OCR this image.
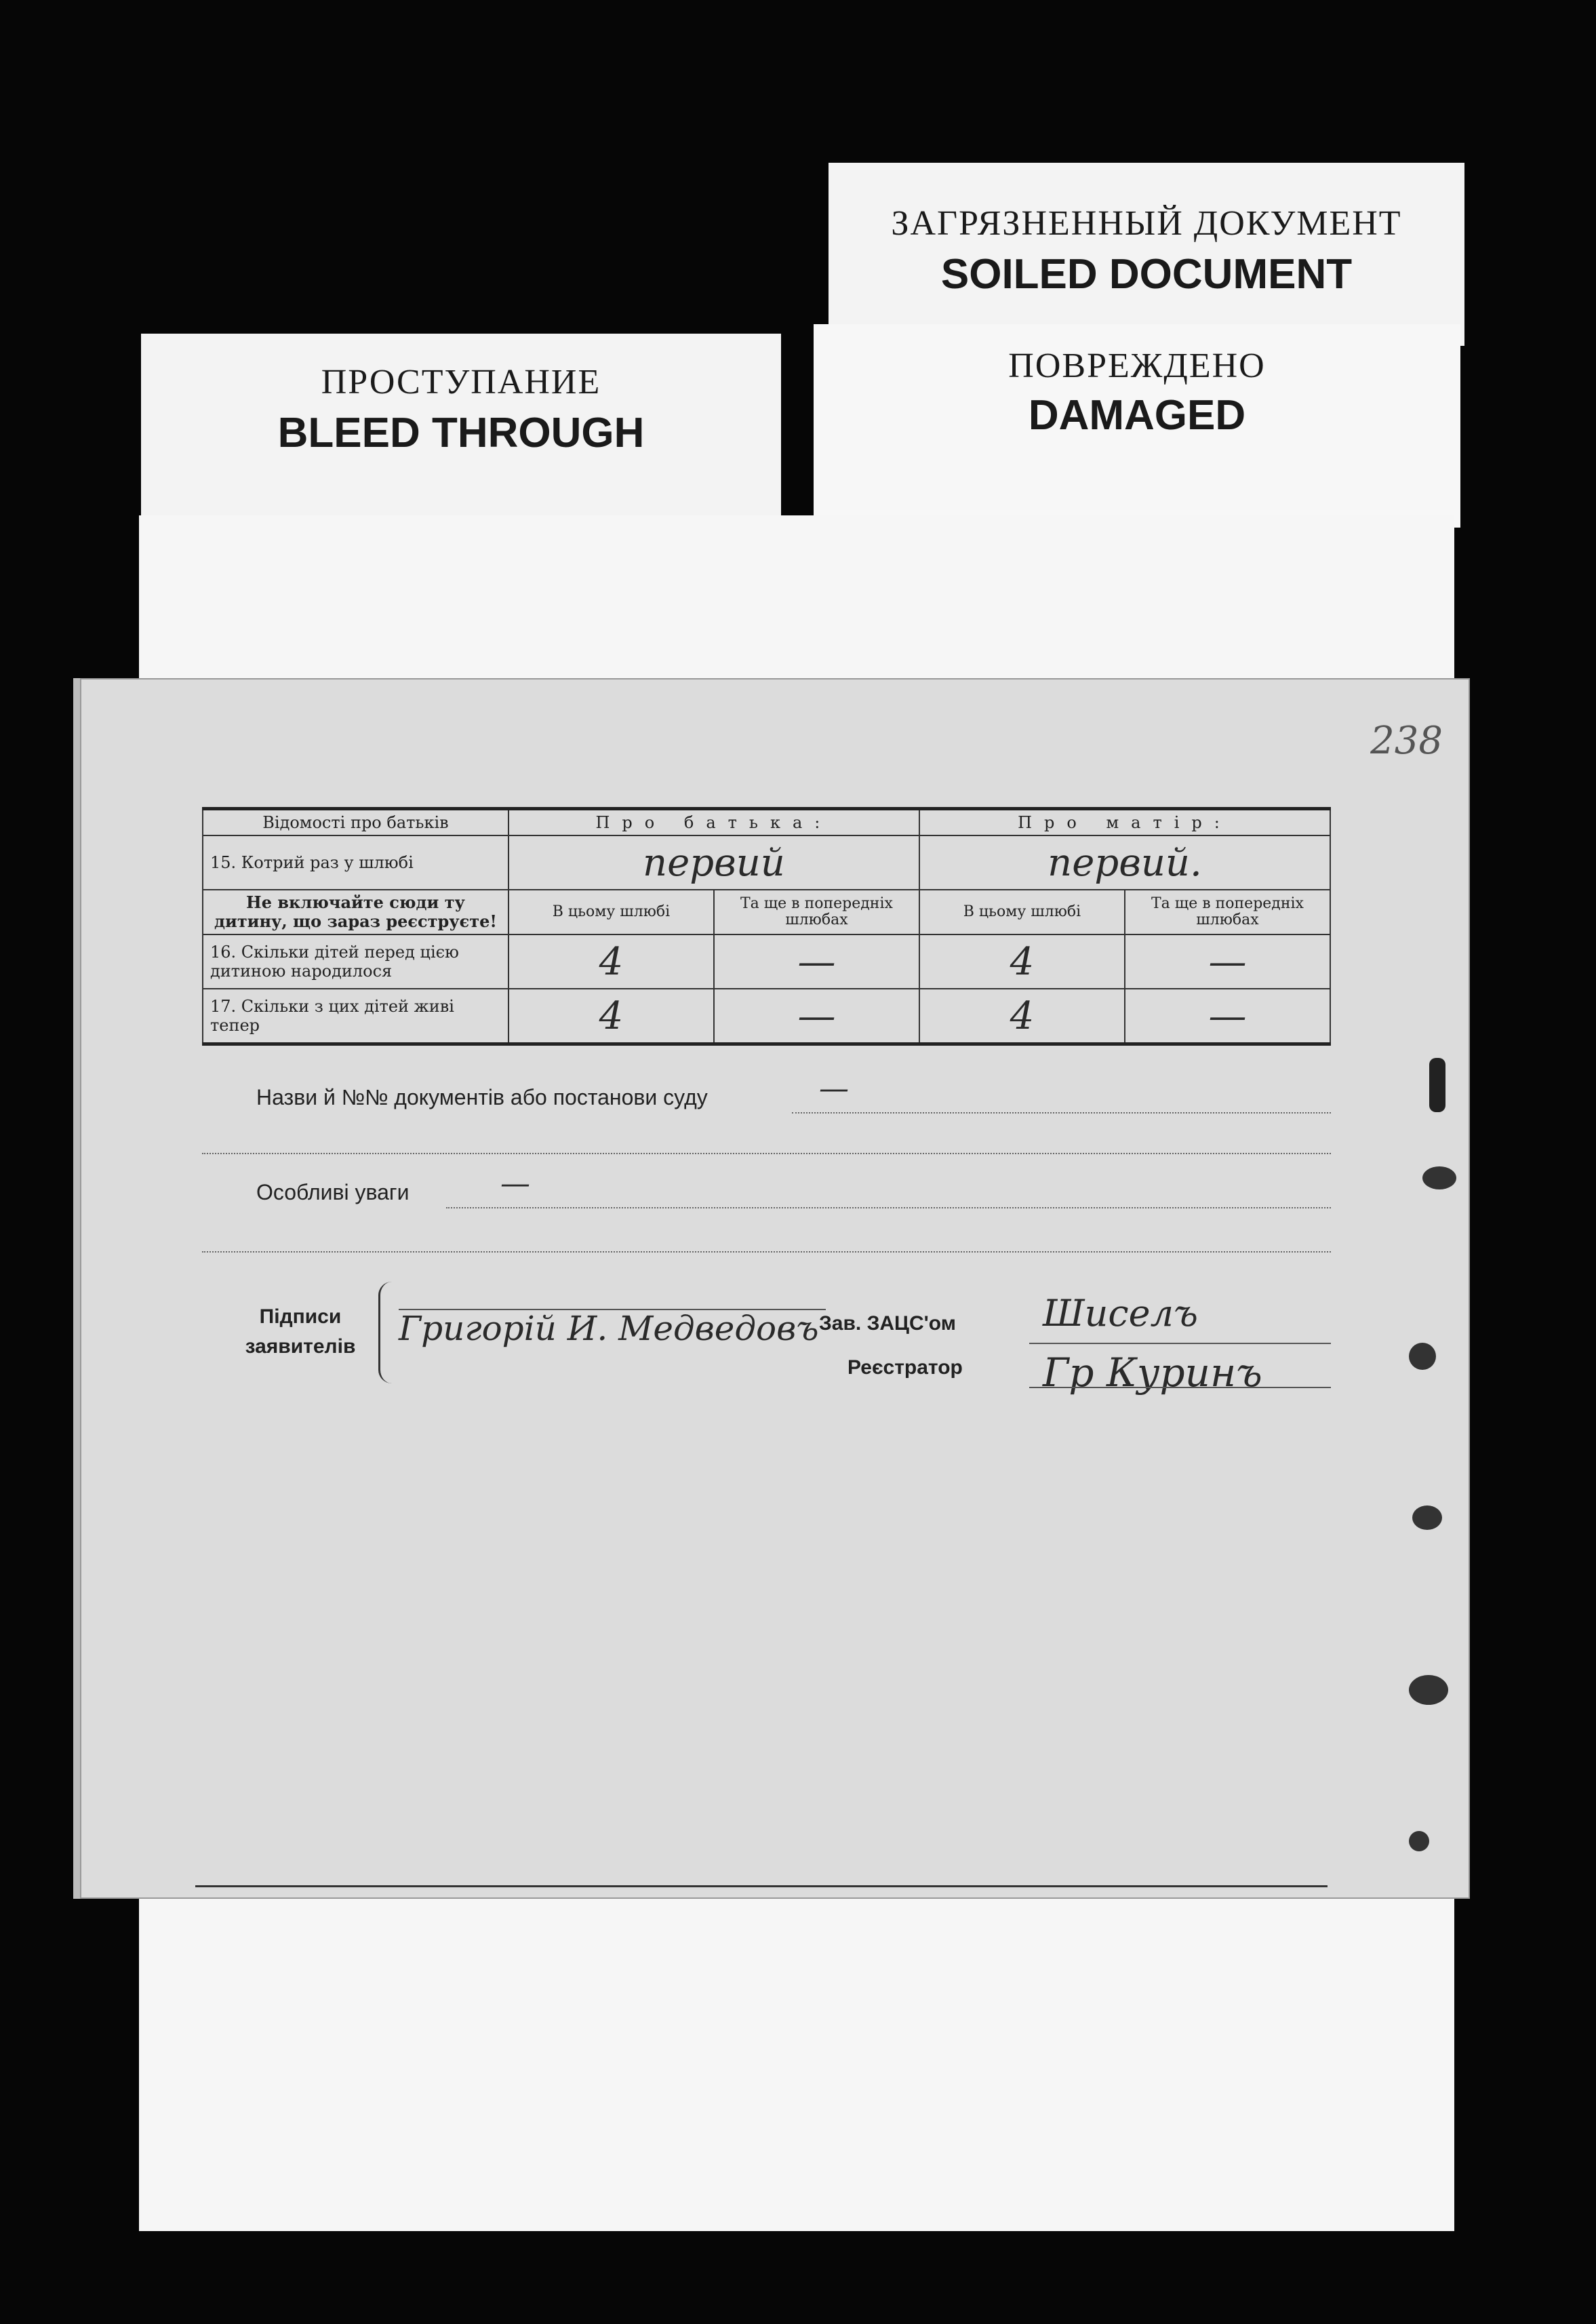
ЗАГРЯЗНЕННЫЙ ДОКУМЕНТ
SOILED DOCUMENT
ПОВРЕЖДЕНО
DAMAGED
ПРОСТУПАНИЕ
BLEED THROUGH
238
Відомості про батьків	Про батька:		Про матір:	
15. Котрий раз у шлюбі	первий		первий.	
Не включайте сюди ту дитину, що зараз реєструєте!	В цьому шлюбі	Та ще в попередніх шлюбах	В цьому шлюбі	Та ще в попередніх шлюбах
16. Скільки дітей перед цією дитиною народилося	4	—	4	—
17. Скільки з цих дітей живі тепер	4	—	4	—
Назви й №№ документів або постанови суду	—
Особливі уваги	—
Підписи заявителів Григорій И. Медведовъ Зав. ЗАЦС'ом Шиселъ
Реєстратор Гр Куринъ
